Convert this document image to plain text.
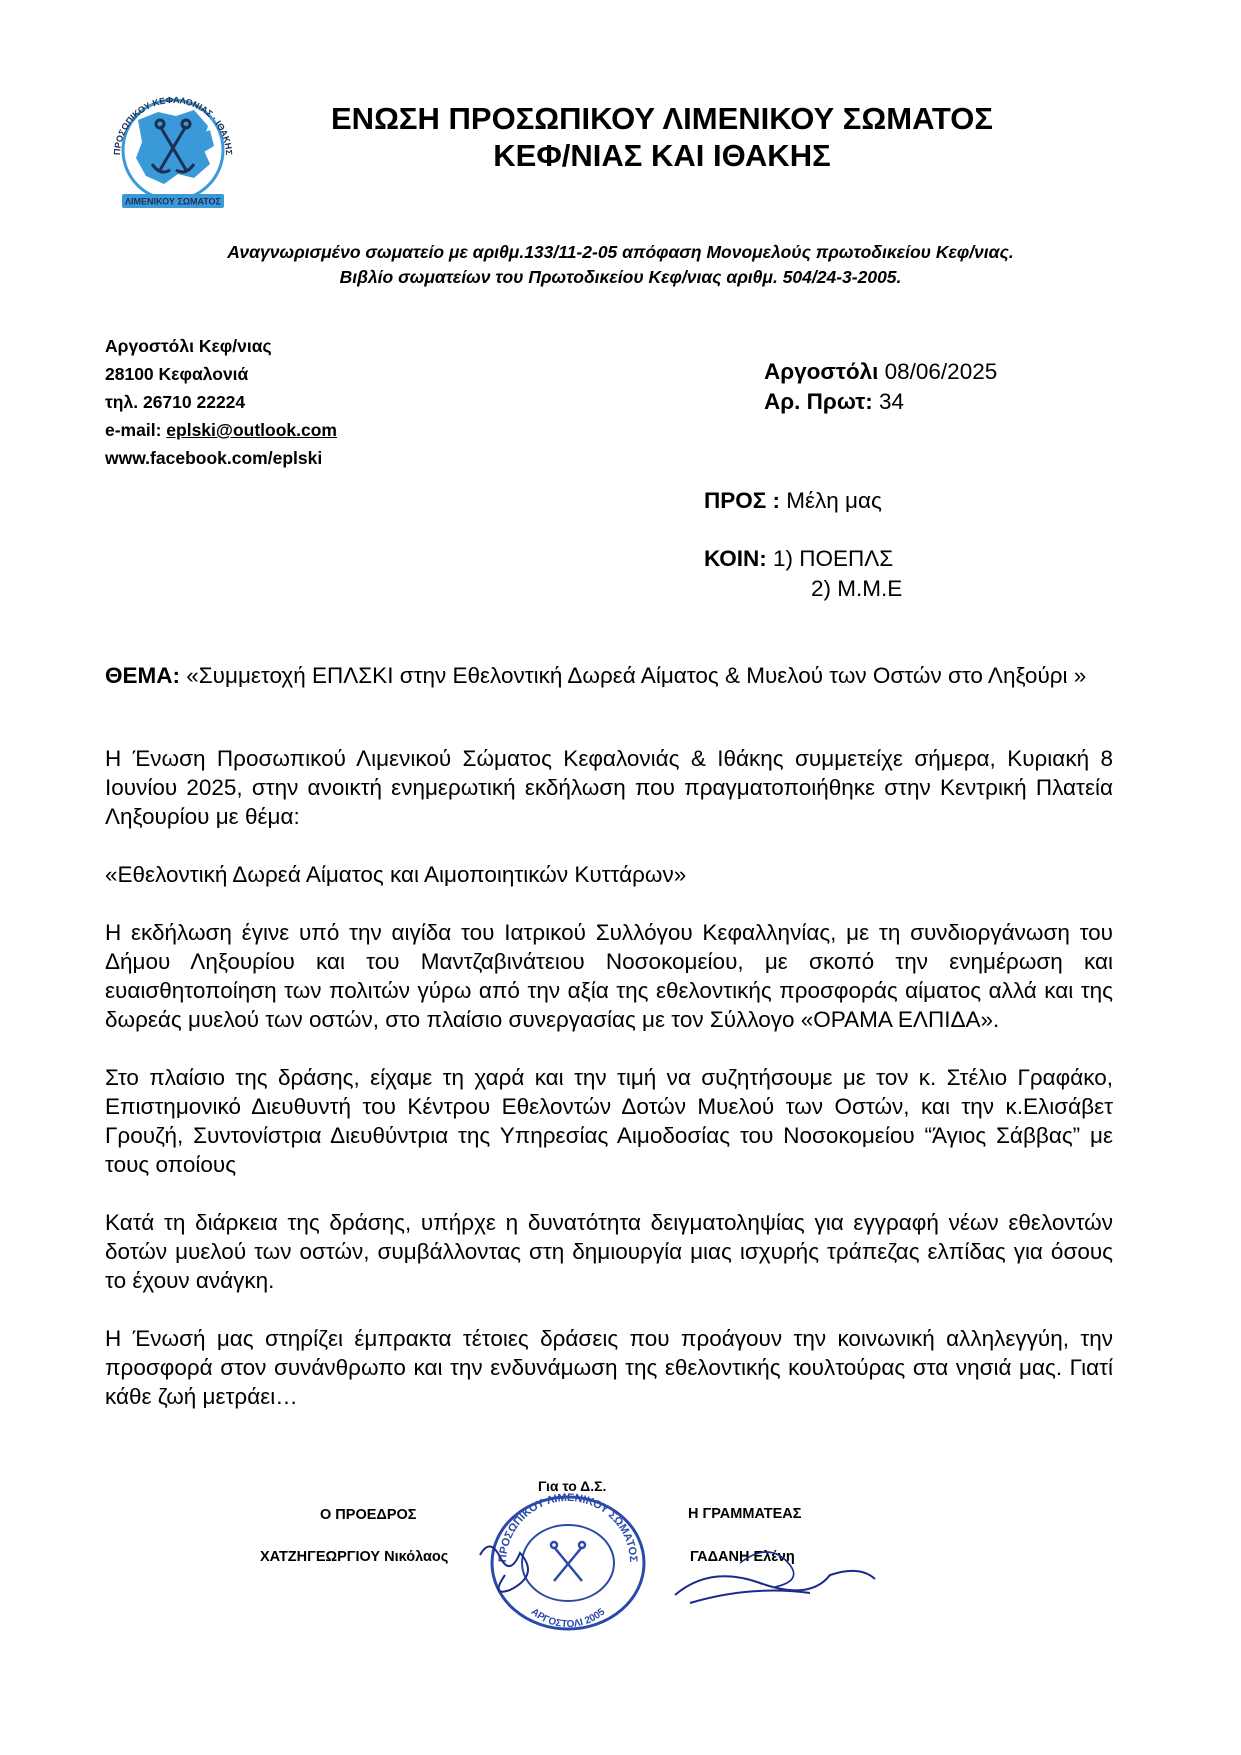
ΠΡΟΣΩΠΙΚΟΥ ΚΕΦΑΛΟΝΙΑΣ · ΙΘΑΚΗΣ
ΛΙΜΕΝΙΚΟΥ ΣΩΜΑΤΟΣ
ΕΝΩΣΗ ΠΡΟΣΩΠΙΚΟΥ ΛΙΜΕΝΙΚΟΥ ΣΩΜΑΤΟΣ
ΚΕΦ/ΝΙΑΣ ΚΑΙ ΙΘΑΚΗΣ
Αναγνωρισμένο σωματείο με αριθμ.133/11-2-05 απόφαση Μονομελούς πρωτοδικείου Κεφ/νιας.
Βιβλίο σωματείων του Πρωτοδικείου Κεφ/νιας αριθμ. 504/24-3-2005.
Αργοστόλι Κεφ/νιας
28100 Κεφαλονιά
τηλ. 26710 22224
e-mail: eplski@outlook.com
www.facebook.com/eplski
Αργοστόλι 08/06/2025
Αρ. Πρωτ: 34
ΠΡΟΣ : Μέλη μας
ΚΟΙΝ: 1) ΠΟΕΠΛΣ
2) Μ.Μ.Ε
ΘΕΜΑ: «Συμμετοχή ΕΠΛΣΚΙ στην Εθελοντική Δωρεά Αίματος & Μυελού των Οστών στο Ληξούρι »

Η Ένωση Προσωπικού Λιμενικού Σώματος Κεφαλονιάς & Ιθάκης συμμετείχε σήμερα, Κυριακή 8 Ιουνίου 2025, στην ανοικτή ενημερωτική εκδήλωση που πραγματοποιήθηκε στην Κεντρική Πλατεία Ληξουρίου με θέμα:

«Εθελοντική Δωρεά Αίματος και Αιμοποιητικών Κυττάρων»

Η εκδήλωση έγινε υπό την αιγίδα του Ιατρικού Συλλόγου Κεφαλληνίας, με τη συνδιοργάνωση του Δήμου Ληξουρίου και του Μαντζαβινάτειου Νοσοκομείου, με σκοπό την ενημέρωση και ευαισθητοποίηση των πολιτών γύρω από την αξία της εθελοντικής προσφοράς αίματος αλλά και της δωρεάς μυελού των οστών, στο πλαίσιο συνεργασίας με τον Σύλλογο «ΟΡΑΜΑ ΕΛΠΙΔΑ».

Στο πλαίσιο της δράσης, είχαμε τη χαρά και την τιμή να συζητήσουμε με τον κ. Στέλιο Γραφάκο, Επιστημονικό Διευθυντή του Κέντρου Εθελοντών Δοτών Μυελού των Οστών, και την κ.Ελισάβετ Γρουζή, Συντονίστρια Διευθύντρια της Υπηρεσίας Αιμοδοσίας του Νοσοκομείου “Άγιος Σάββας” με τους οποίους

Κατά τη διάρκεια της δράσης, υπήρχε η δυνατότητα δειγματοληψίας για εγγραφή νέων εθελοντών δοτών μυελού των οστών, συμβάλλοντας στη δημιουργία μιας ισχυρής τράπεζας ελπίδας για όσους το έχουν ανάγκη.

Η Ένωσή μας στηρίζει έμπρακτα τέτοιες δράσεις που προάγουν την κοινωνική αλληλεγγύη, την προσφορά στον συνάνθρωπο και την ενδυνάμωση της εθελοντικής κουλτούρας στα νησιά μας. Γιατί κάθε ζωή μετράει…

Για το Δ.Σ.
Ο ΠΡΟΕΔΡΟΣ
ΧΑΤΖΗΓΕΩΡΓΙΟΥ Νικόλαος
Η ΓΡΑΜΜΑΤΕΑΣ
ΓΑΔΑΝΗ Ελένη
ΠΡΟΣΩΠΙΚΟΥ ΛΙΜΕΝΙΚΟΥ ΣΩΜΑΤΟΣ
ΑΡΓΟΣΤΟΛΙ 2005
